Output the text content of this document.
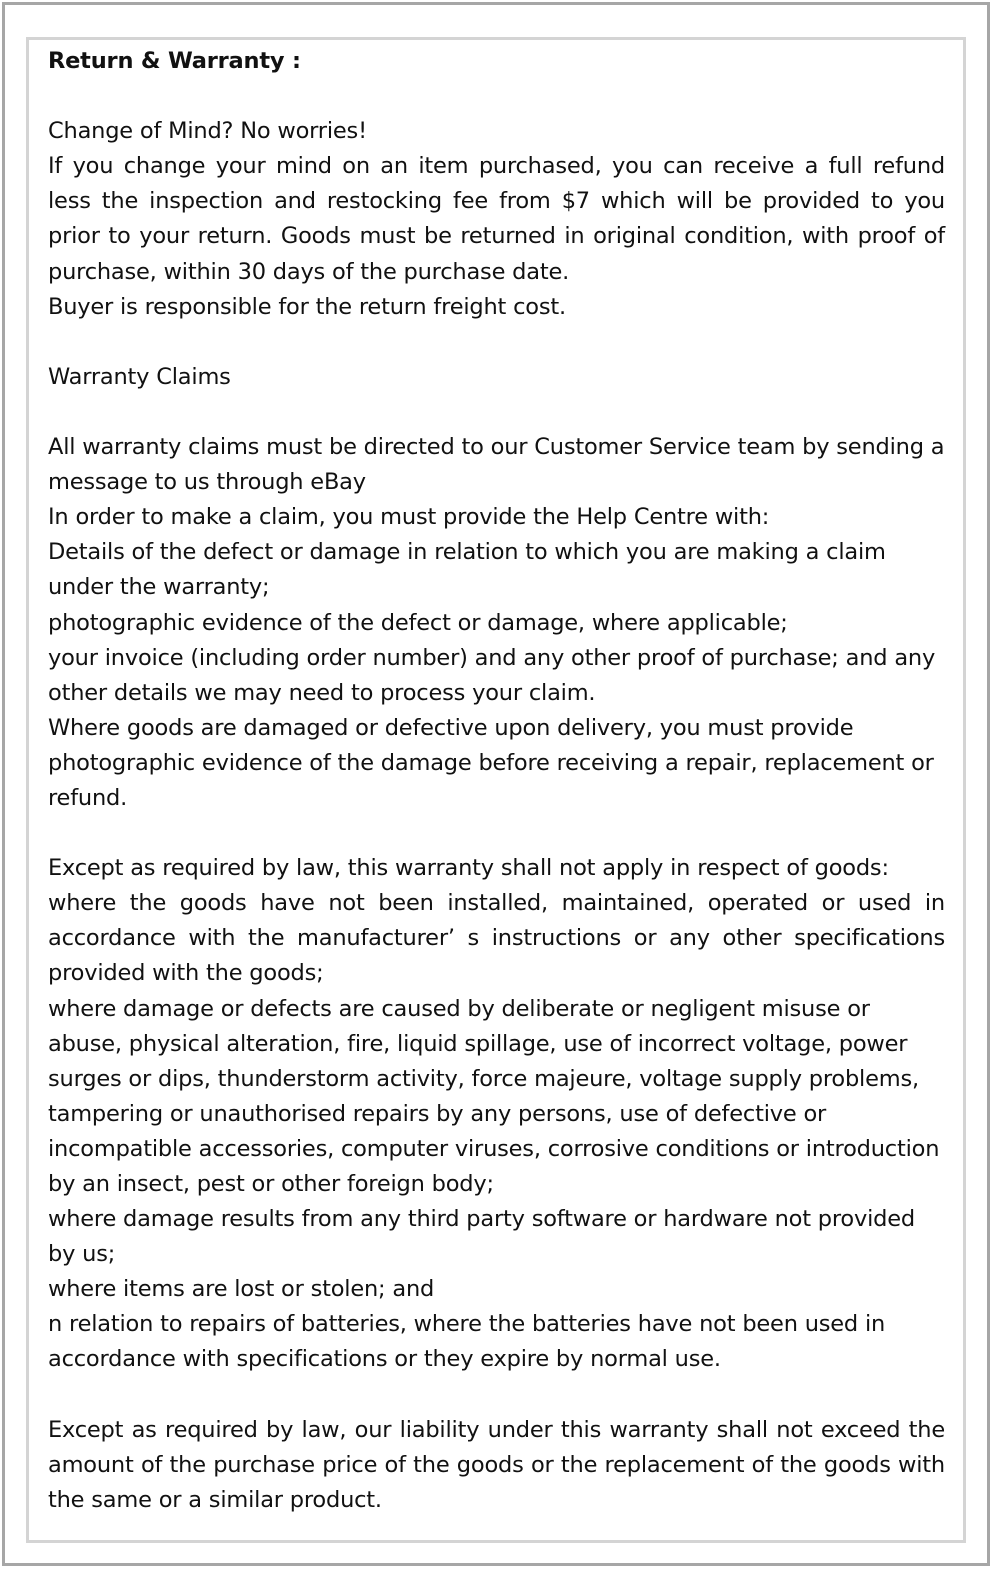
Return & Warranty :

Change of Mind? No worries!

If you change your mind on an item purchased, you can receive a full refund less the inspection and restocking fee from $7 which will be provided to you prior to your return. Goods must be returned in original condition, with proof of purchase, within 30 days of the purchase date.

Buyer is responsible for the return freight cost.

Warranty Claims

All warranty claims must be directed to our Customer Service team by sending a message to us through eBay

In order to make a claim, you must provide the Help Centre with:

Details of the defect or damage in relation to which you are making a claim under the warranty;

photographic evidence of the defect or damage, where applicable;

your invoice (including order number) and any other proof of purchase; and any other details we may need to process your claim.

Where goods are damaged or defective upon delivery, you must provide photographic evidence of the damage before receiving a repair, replacement or refund.

Except as required by law, this warranty shall not apply in respect of goods:

where the goods have not been installed, maintained, operated or used in accordance with the manufacturer’ s instructions or any other specifications provided with the goods;

where damage or defects are caused by deliberate or negligent misuse or abuse, physical alteration, fire, liquid spillage, use of incorrect voltage, power surges or dips, thunderstorm activity, force majeure, voltage supply problems, tampering or unauthorised repairs by any persons, use of defective or incompatible accessories, computer viruses, corrosive conditions or introduction by an insect, pest or other foreign body;

where damage results from any third party software or hardware not provided by us;

where items are lost or stolen; and

n relation to repairs of batteries, where the batteries have not been used in accordance with specifications or they expire by normal use.

Except as required by law, our liability under this warranty shall not exceed the amount of the purchase price of the goods or the replacement of the goods with the same or a similar product.
